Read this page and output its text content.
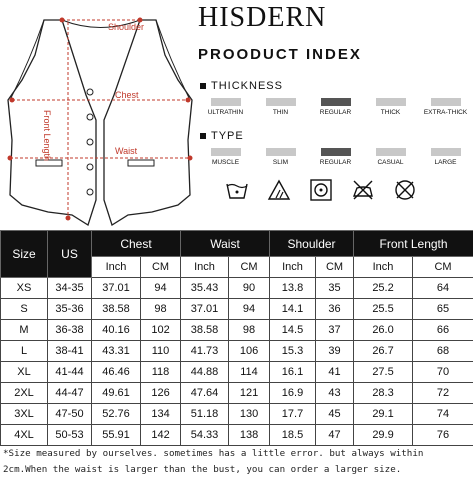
Shoulder
Chest
Front Length	Waist
HISDERN
PROODUCT INDEX
THICKNESS
ULTRATHIN	THIN	REGULAR	THICK	EXTRA-THICK
TYPE
MUSCLE	SLIM	REGULAR	CASUAL	LARGE
Size	US	Chest		Waist		Shoulder		Front Length	
		Inch	CM	Inch	CM	Inch	CM	Inch	CM
XS	34-35	37.01	94	35.43	90	13.8	35	25.2	64
S	35-36	38.58	98	37.01	94	14.1	36	25.5	65
M	36-38	40.16	102	38.58	98	14.5	37	26.0	66
L	38-41	43.31	110	41.73	106	15.3	39	26.7	68
XL	41-44	46.46	118	44.88	114	16.1	41	27.5	70
2XL	44-47	49.61	126	47.64	121	16.9	43	28.3	72
3XL	47-50	52.76	134	51.18	130	17.7	45	29.1	74
4XL	50-53	55.91	142	54.33	138	18.5	47	29.9	76
*Size measured by ourselves. sometimes has a little error. but always within
2cm.When the waist is larger than the bust, you can order a larger size.
